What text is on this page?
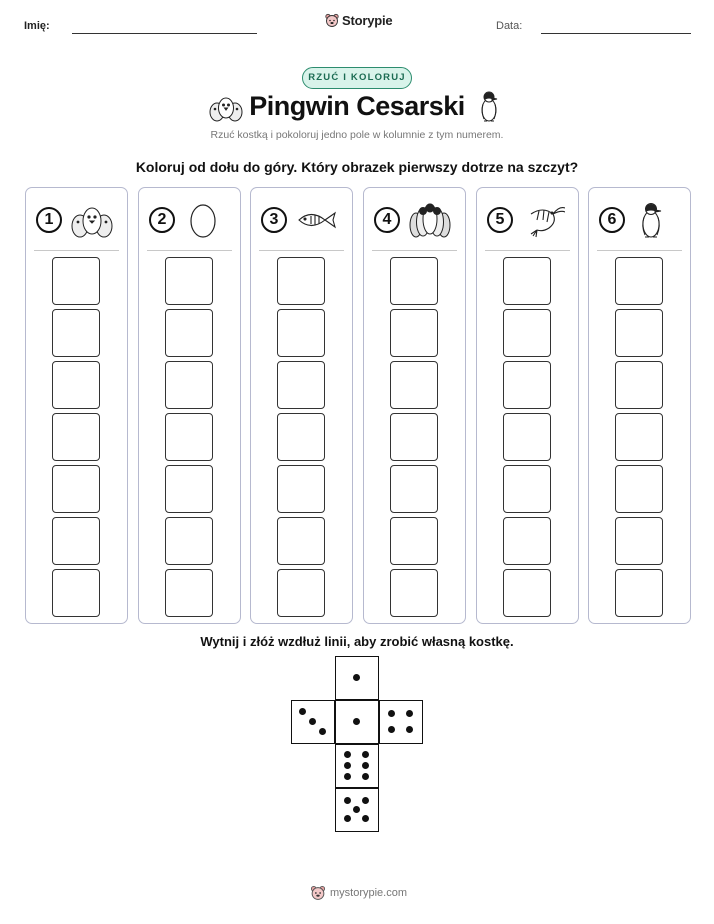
Imię:	Storypie	Data:
RZUĆ I KOLORUJ
Pingwin Cesarski
Rzuć kostką i pokoloruj jedno pole w kolumnie z tym numerem.
Koloruj od dołu do góry. Który obrazek pierwszy dotrze na szczyt?
1	2	3	4	5	6
Wytnij i złóż wzdłuż linii, aby zrobić własną kostkę.
mystorypie.com
